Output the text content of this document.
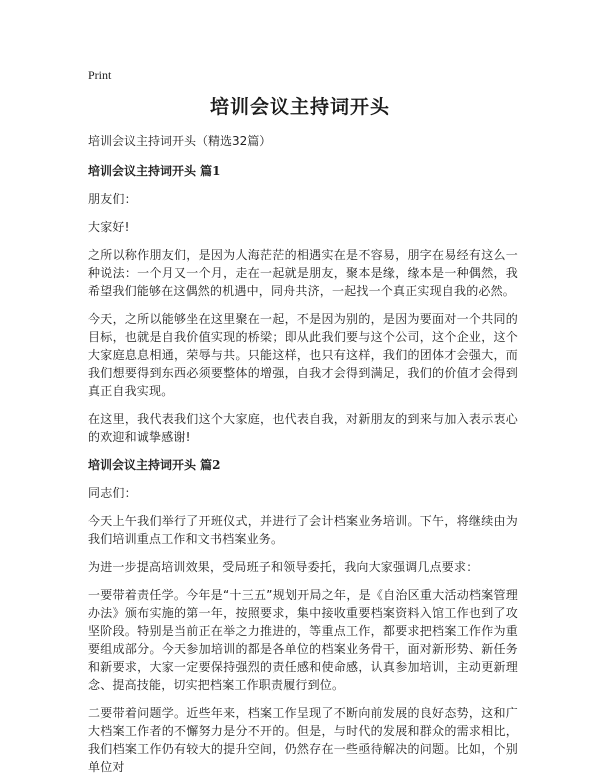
Print
培训会议主持词开头

培训会议主持词开头（精选32篇）

培训会议主持词开头 篇1

朋友们：

大家好!

之所以称作朋友们，是因为人海茫茫的相遇实在是不容易，朋字在易经有这么一种说法：一个月又一个月，走在一起就是朋友，聚本是缘，缘本是一种偶然，我希望我们能够在这偶然的机遇中，同舟共济，一起找一个真正实现自我的必然。

今天，之所以能够坐在这里聚在一起，不是因为别的，是因为要面对一个共同的目标，也就是自我价值实现的桥梁；即从此我们要与这个公司，这个企业，这个大家庭息息相通，荣辱与共。只能这样，也只有这样，我们的团体才会强大，而我们想要得到东西必须要整体的增强，自我才会得到满足，我们的价值才会得到真正自我实现。

在这里，我代表我们这个大家庭，也代表自我，对新朋友的到来与加入表示衷心的欢迎和诚挚感谢!

培训会议主持词开头 篇2

同志们：

今天上午我们举行了开班仪式，并进行了会计档案业务培训。下午，将继续由为我们培训重点工作和文书档案业务。

为进一步提高培训效果，受局班子和领导委托，我向大家强调几点要求：

一要带着责任学。今年是“十三五”规划开局之年，是《自治区重大活动档案管理办法》颁布实施的第一年，按照要求，集中接收重要档案资料入馆工作也到了攻坚阶段。特别是当前正在举之力推进的，等重点工作，都要求把档案工作作为重要组成部分。今天参加培训的都是各单位的档案业务骨干，面对新形势、新任务和新要求，大家一定要保持强烈的责任感和使命感，认真参加培训，主动更新理念、提高技能，切实把档案工作职责履行到位。

二要带着问题学。近些年来，档案工作呈现了不断向前发展的良好态势，这和广大档案工作者的不懈努力是分不开的。但是，与时代的发展和群众的需求相比，我们档案工作仍有较大的提升空间，仍然存在一些亟待解决的问题。比如，个别单位对
